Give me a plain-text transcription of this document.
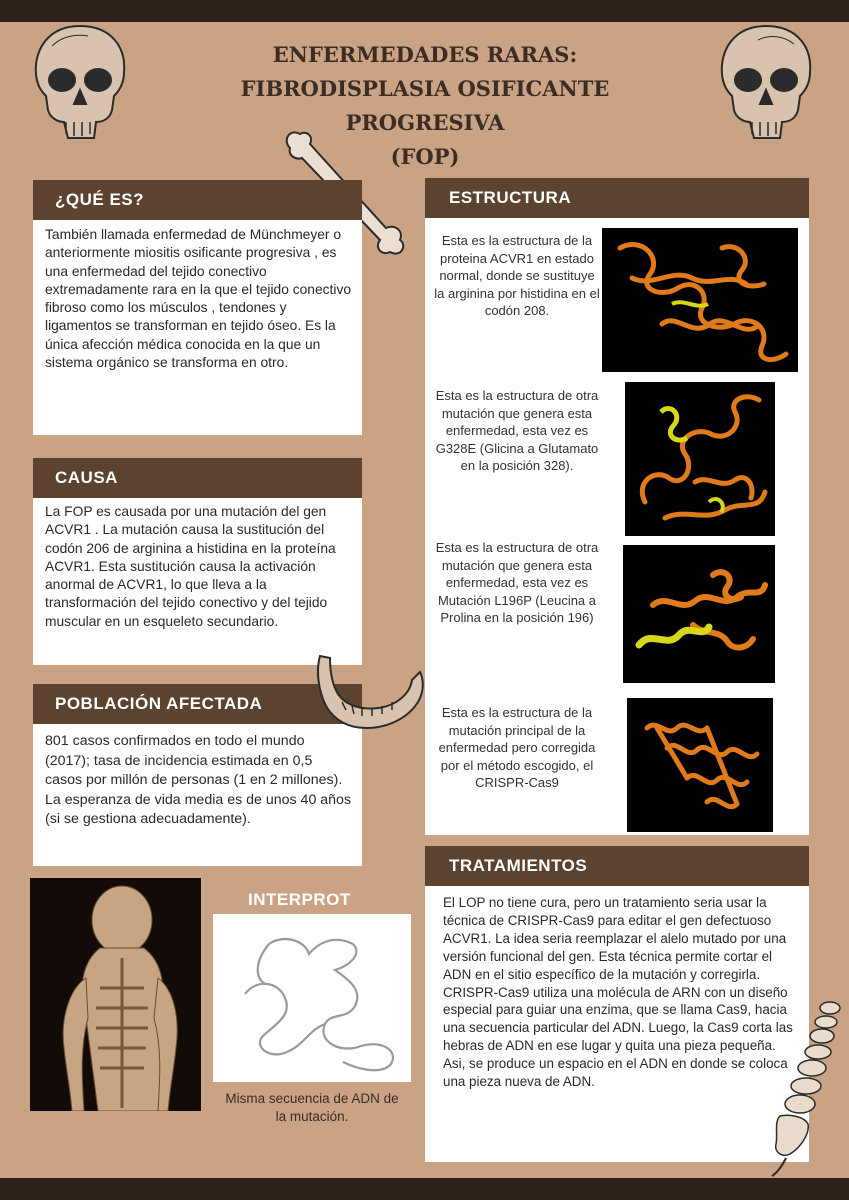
ENFERMEDADES RARAS:
FIBRODISPLASIA OSIFICANTE PROGRESIVA
(FOP)
¿QUÉ ES?

También llamada enfermedad de Münchmeyer o anteriormente miositis osificante progresiva , es una enfermedad del tejido conectivo extremadamente rara en la que el tejido conectivo fibroso como los músculos , tendones y ligamentos se transforman en tejido óseo. Es la única afección médica conocida en la que un sistema orgánico se transforma en otro.

CAUSA

La FOP es causada por una mutación del gen ACVR1 . La mutación causa la sustitución del codón 206 de arginina a histidina en la proteína ACVR1. Esta sustitución causa la activación anormal de ACVR1, lo que lleva a la transformación del tejido conectivo y del tejido muscular en un esqueleto secundario.

POBLACIÓN AFECTADA

801 casos confirmados en todo el mundo (2017); tasa de incidencia estimada en 0,5 casos por millón de personas (1 en 2 millones). La esperanza de vida media es de unos 40 años (si se gestiona adecuadamente).

INTERPROT
Misma secuencia de ADN de la mutación.
ESTRUCTURA
Esta es la estructura de la proteina ACVR1 en estado normal, donde se sustituye la arginina por histidina en el codón 208.
Esta es la estructura de otra mutación que genera esta enfermedad, esta vez es G328E (Glicina a Glutamato en la posición 328).
Esta es la estructura de otra mutación que genera esta enfermedad, esta vez es Mutación L196P (Leucina a Prolina en la posición 196)
Esta es la estructura de la mutación principal de la enfermedad pero corregida por el método escogido, el CRISPR-Cas9
TRATAMIENTOS

El LOP no tiene cura, pero un tratamiento seria usar la técnica de CRISPR-Cas9 para editar el gen defectuoso ACVR1. La idea seria reemplazar el alelo mutado por una versión funcional del gen. Esta técnica permite cortar el ADN en el sitio específico de la mutación y corregirla. CRISPR-Cas9 utiliza una molécula de ARN con un diseño especial para guiar una enzima, que se llama Cas9, hacia una secuencia particular del ADN. Luego, la Cas9 corta las hebras de ADN en ese lugar y quita una pieza pequeña. Asi, se produce un espacio en el ADN en donde se coloca una pieza nueva de ADN.
